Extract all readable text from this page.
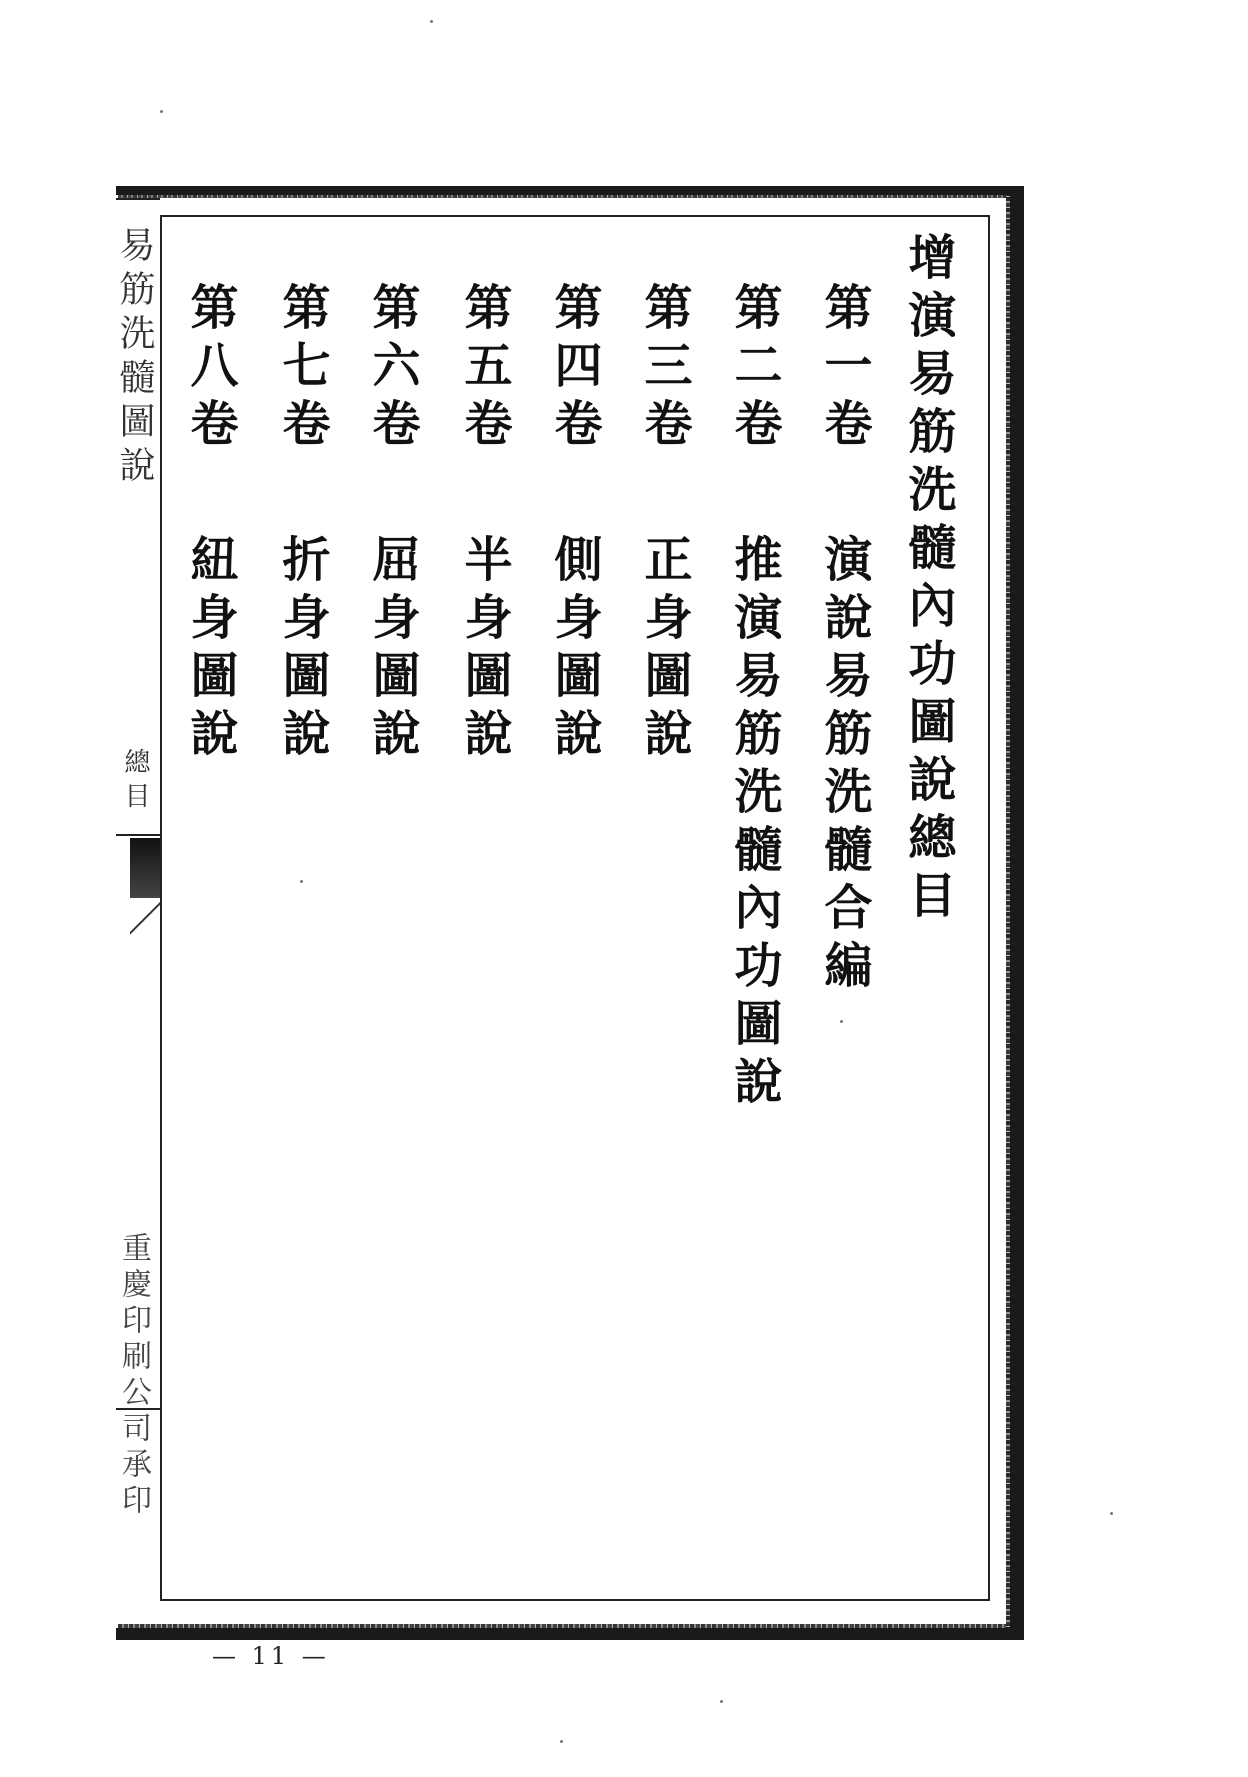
易筋洗髓圖說
總目
重慶印刷公司承印
增演易筋洗髓內功圖說總目
第一卷演說易筋洗髓合編
第二卷推演易筋洗髓內功圖說
第三卷正身圖說
第四卷側身圖說
第五卷半身圖說
第六卷屈身圖說
第七卷折身圖說
第八卷紐身圖說
— 11 —
